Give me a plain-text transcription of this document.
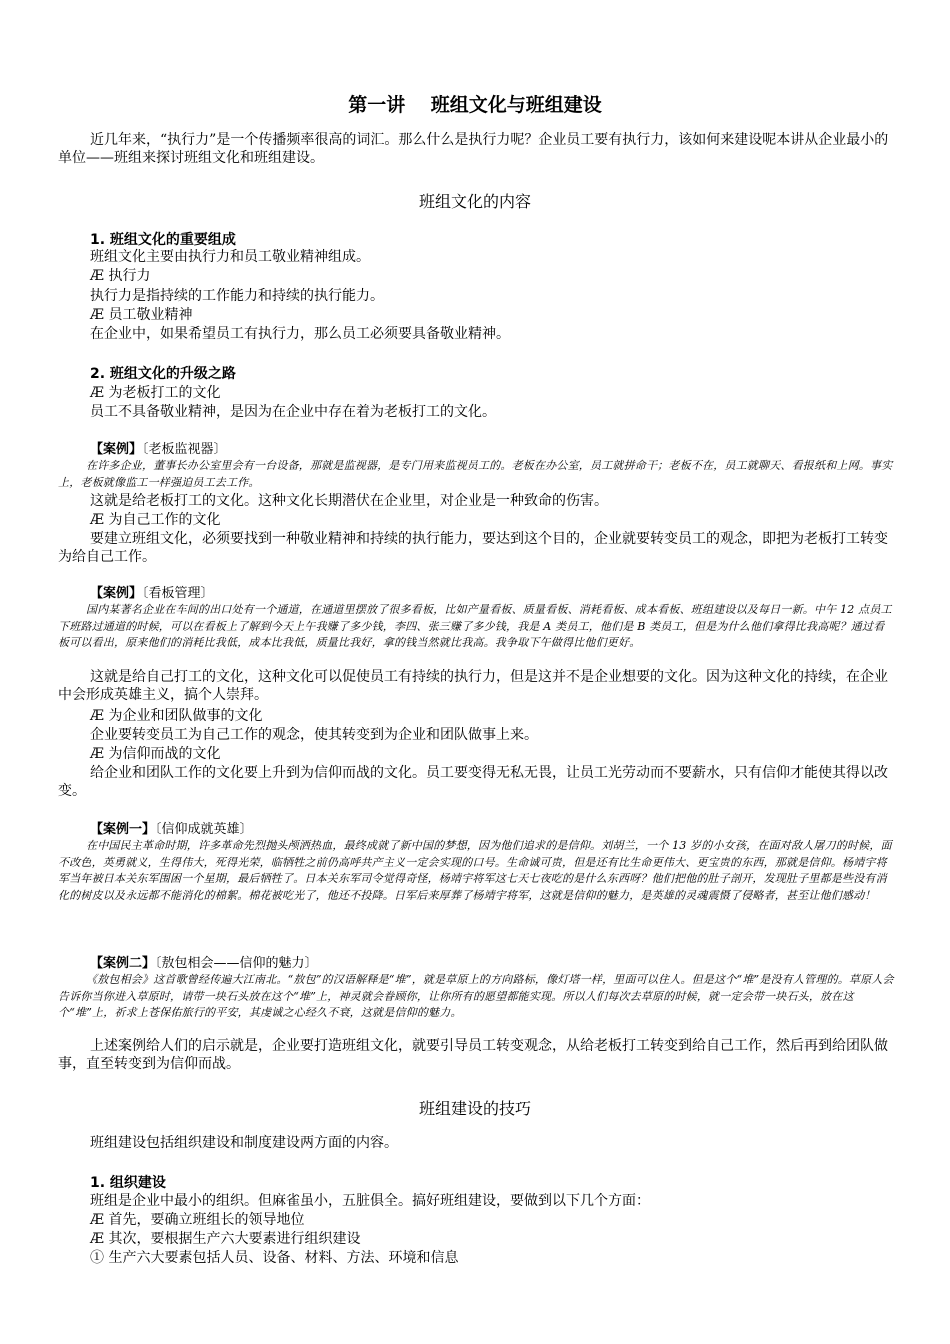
第一讲　 班组文化与班组建设

近几年来，“执行力”是一个传播频率很高的词汇。那么什么是执行力呢？企业员工要有执行力，该如何来建设呢本讲从企业最小的单位——班组来探讨班组文化和班组建设。

班组文化的内容
1. 班组文化的重要组成
班组文化主要由执行力和员工敬业精神组成。
Æ 执行力
执行力是指持续的工作能力和持续的执行能力。
Æ 员工敬业精神
在企业中，如果希望员工有执行力，那么员工必须要具备敬业精神。
2. 班组文化的升级之路
Æ 为老板打工的文化
员工不具备敬业精神，是因为在企业中存在着为老板打工的文化。
【案例】〔老板监视器〕

在许多企业，董事长办公室里会有一台设备，那就是监视器，是专门用来监视员工的。老板在办公室，员工就拼命干；老板不在，员工就聊天、看报纸和上网。事实上，老板就像监工一样强迫员工去工作。

这就是给老板打工的文化。这种文化长期潜伏在企业里，对企业是一种致命的伤害。
Æ 为自己工作的文化

要建立班组文化，必须要找到一种敬业精神和持续的执行能力，要达到这个目的，企业就要转变员工的观念，即把为老板打工转变为给自己工作。

【案例】〔看板管理〕

国内某著名企业在车间的出口处有一个通道，在通道里摆放了很多看板，比如产量看板、质量看板、消耗看板、成本看板、班组建设以及每日一新。中午 12 点员工下班路过通道的时候，可以在看板上了解到今天上午我赚了多少钱，李四、张三赚了多少钱，我是 A 类员工，他们是 B 类员工，但是为什么他们拿得比我高呢？通过看板可以看出，原来他们的消耗比我低，成本比我低，质量比我好，拿的钱当然就比我高。我争取下午做得比他们更好。

这就是给自己打工的文化，这种文化可以促使员工有持续的执行力，但是这并不是企业想要的文化。因为这种文化的持续，在企业中会形成英雄主义，搞个人崇拜。

Æ 为企业和团队做事的文化
企业要转变员工为自己工作的观念，使其转变到为企业和团队做事上来。
Æ 为信仰而战的文化

给企业和团队工作的文化要上升到为信仰而战的文化。员工要变得无私无畏，让员工光劳动而不要薪水，只有信仰才能使其得以改变。

【案例一】〔信仰成就英雄〕

在中国民主革命时期，许多革命先烈抛头颅洒热血，最终成就了新中国的梦想，因为他们追求的是信仰。刘胡兰，一个 13 岁的小女孩，在面对敌人屠刀的时候，面不改色，英勇就义，生得伟大，死得光荣，临牺牲之前仍高呼共产主义一定会实现的口号。生命诚可贵，但是还有比生命更伟大、更宝贵的东西，那就是信仰。杨靖宇将军当年被日本关东军围困一个星期，最后牺牲了。日本关东军司令觉得奇怪，杨靖宇将军这七天七夜吃的是什么东西呀？他们把他的肚子剖开，发现肚子里都是些没有消化的树皮以及永远都不能消化的棉絮。棉花被吃光了，他还不投降。日军后来厚葬了杨靖宇将军，这就是信仰的魅力，是英雄的灵魂震慑了侵略者，甚至让他们感动！

【案例二】〔敖包相会——信仰的魅力〕

《敖包相会》这首歌曾经传遍大江南北。“敖包”的汉语解释是“堆”，就是草原上的方向路标，像灯塔一样，里面可以住人。但是这个“堆”是没有人管理的。草原人会告诉你当你进入草原时，请带一块石头放在这个“堆”上，神灵就会眷顾你，让你所有的愿望都能实现。所以人们每次去草原的时候，就一定会带一块石头，放在这个“堆”上，祈求上苍保佑旅行的平安，其虔诚之心经久不衰，这就是信仰的魅力。

上述案例给人们的启示就是，企业要打造班组文化，就要引导员工转变观念，从给老板打工转变到给自己工作，然后再到给团队做事，直至转变到为信仰而战。

班组建设的技巧
班组建设包括组织建设和制度建设两方面的内容。
1. 组织建设
班组是企业中最小的组织。但麻雀虽小，五脏俱全。搞好班组建设，要做到以下几个方面：
Æ 首先，要确立班组长的领导地位
Æ 其次，要根据生产六大要素进行组织建设
① 生产六大要素包括人员、设备、材料、方法、环境和信息
